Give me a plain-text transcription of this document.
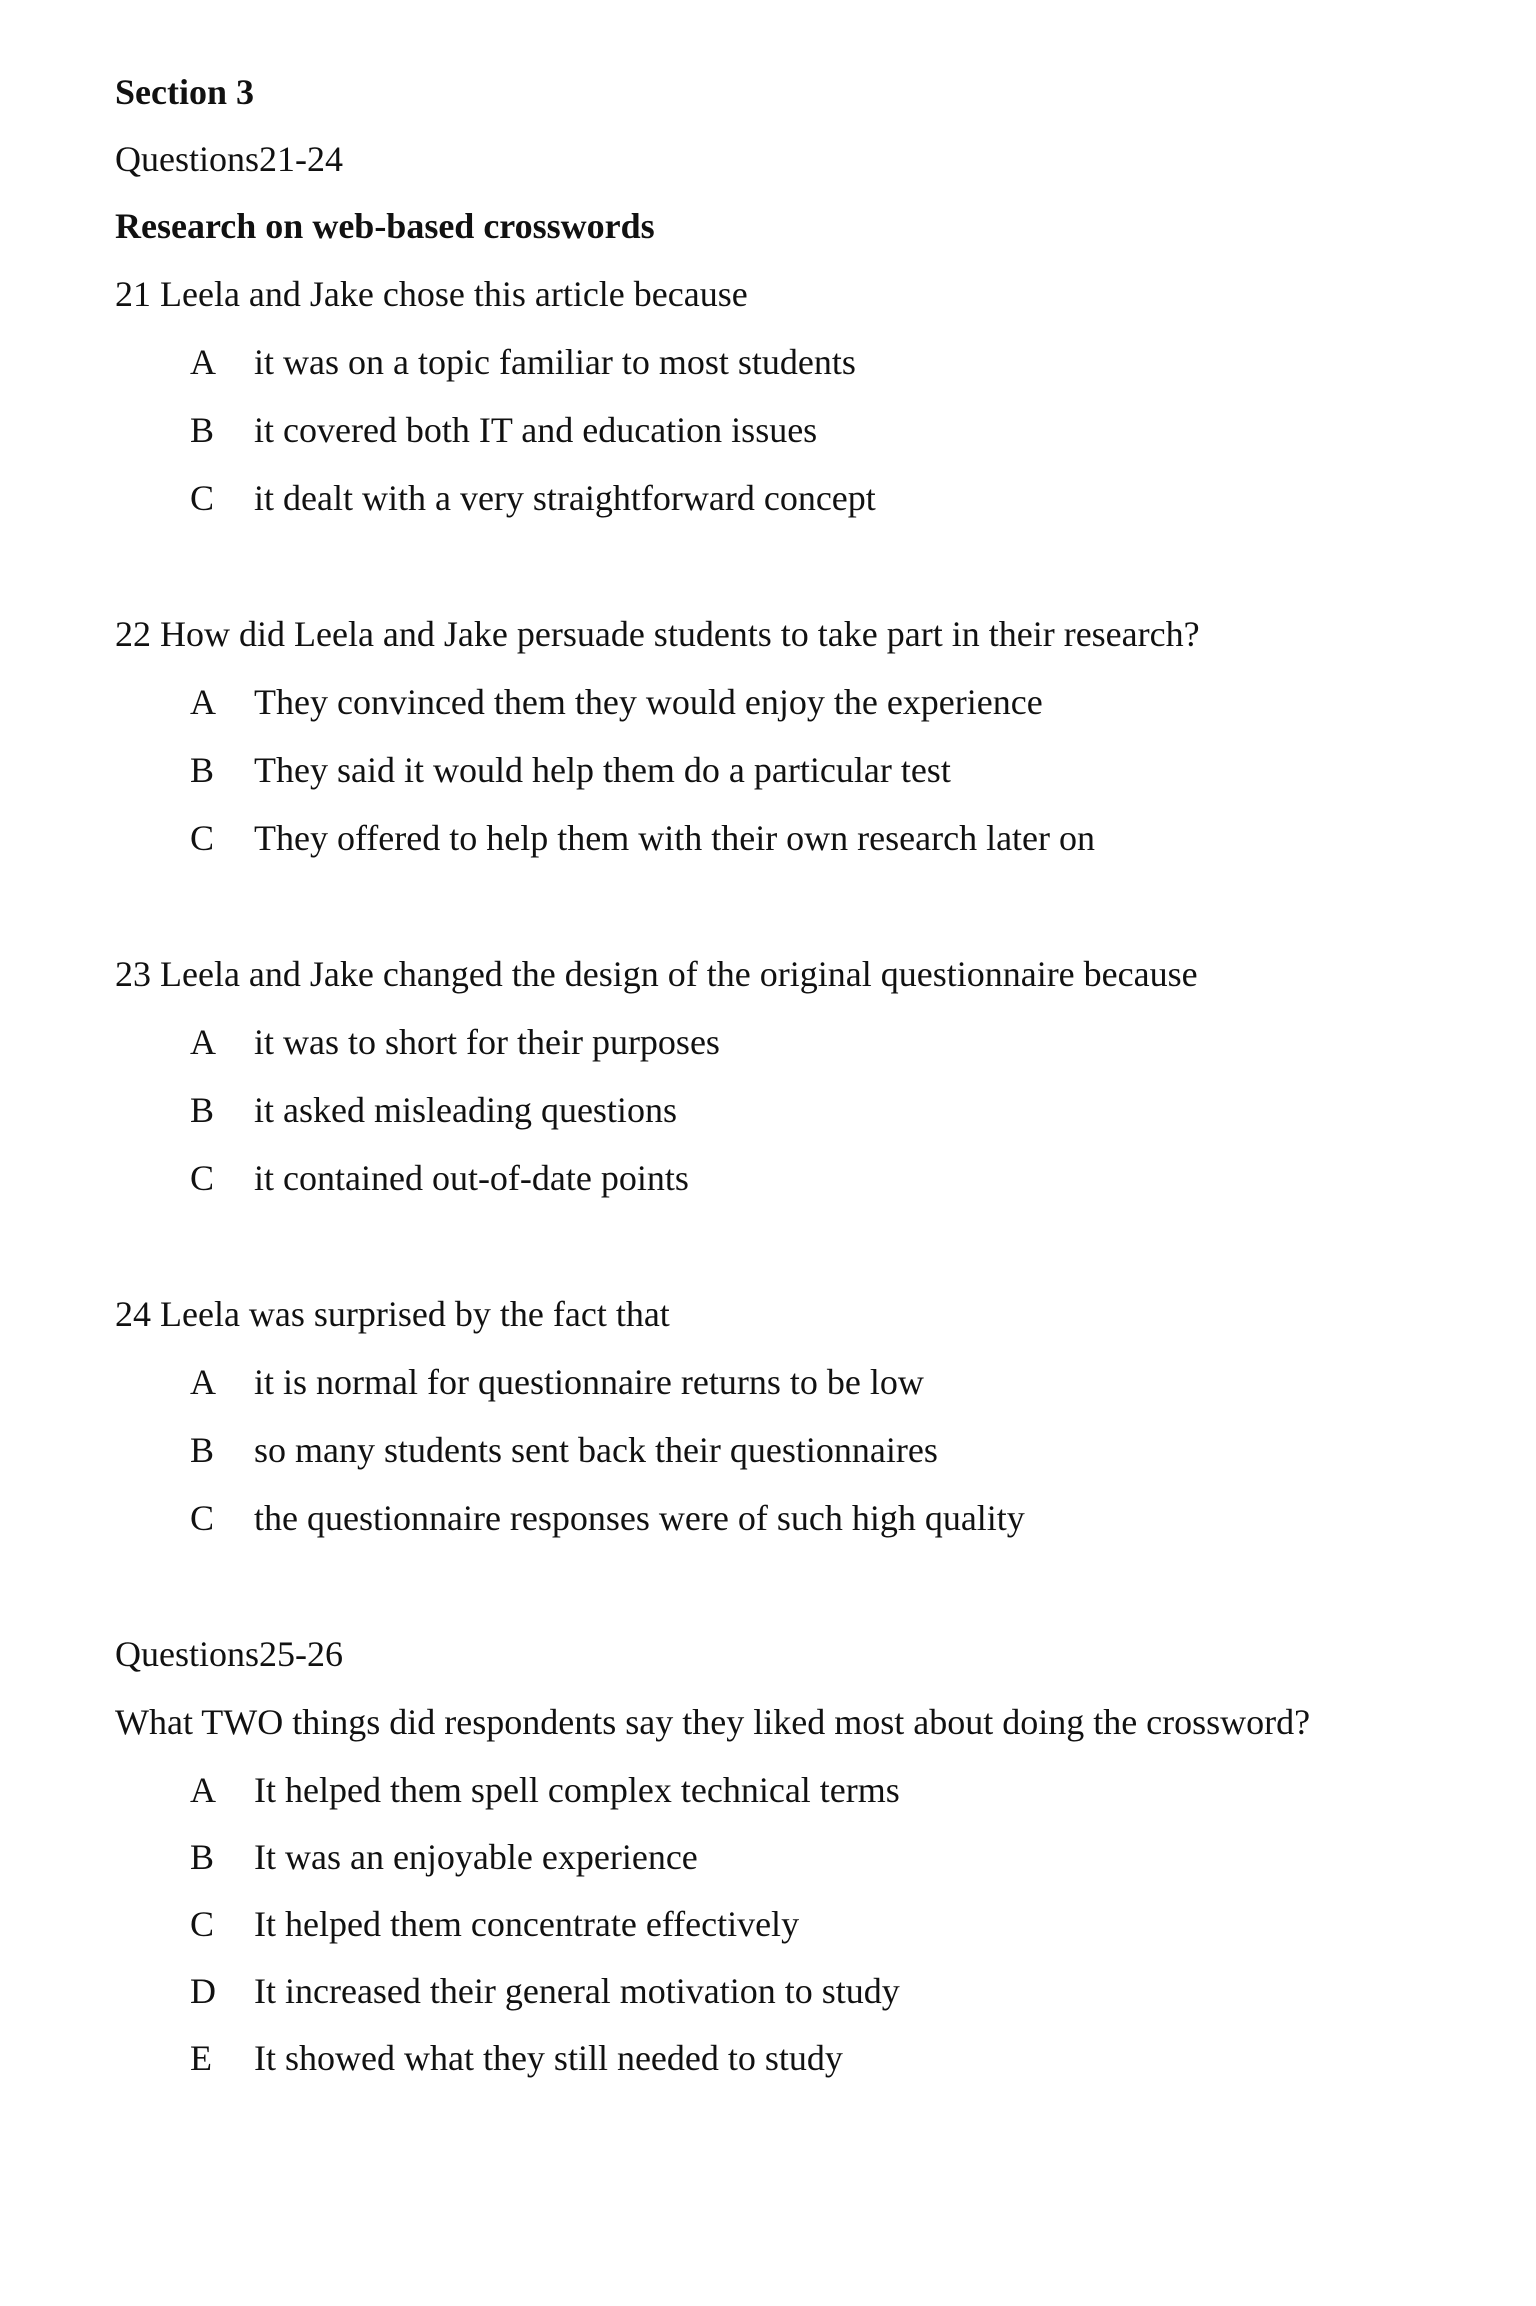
Section 3
Questions21-24
Research on web-based crosswords
21 Leela and Jake chose this article because
A it was on a topic familiar to most students
B it covered both IT and education issues
C it dealt with a very straightforward concept
22 How did Leela and Jake persuade students to take part in their research?
A They convinced them they would enjoy the experience
B They said it would help them do a particular test
C They offered to help them with their own research later on
23 Leela and Jake changed the design of the original questionnaire because
A it was to short for their purposes
B it asked misleading questions
C it contained out-of-date points
24 Leela was surprised by the fact that
A it is normal for questionnaire returns to be low
B so many students sent back their questionnaires
C the questionnaire responses were of such high quality
Questions25-26
What TWO things did respondents say they liked most about doing the crossword?
A It helped them spell complex technical terms
B It was an enjoyable experience
C It helped them concentrate effectively
D It increased their general motivation to study
E It showed what they still needed to study
